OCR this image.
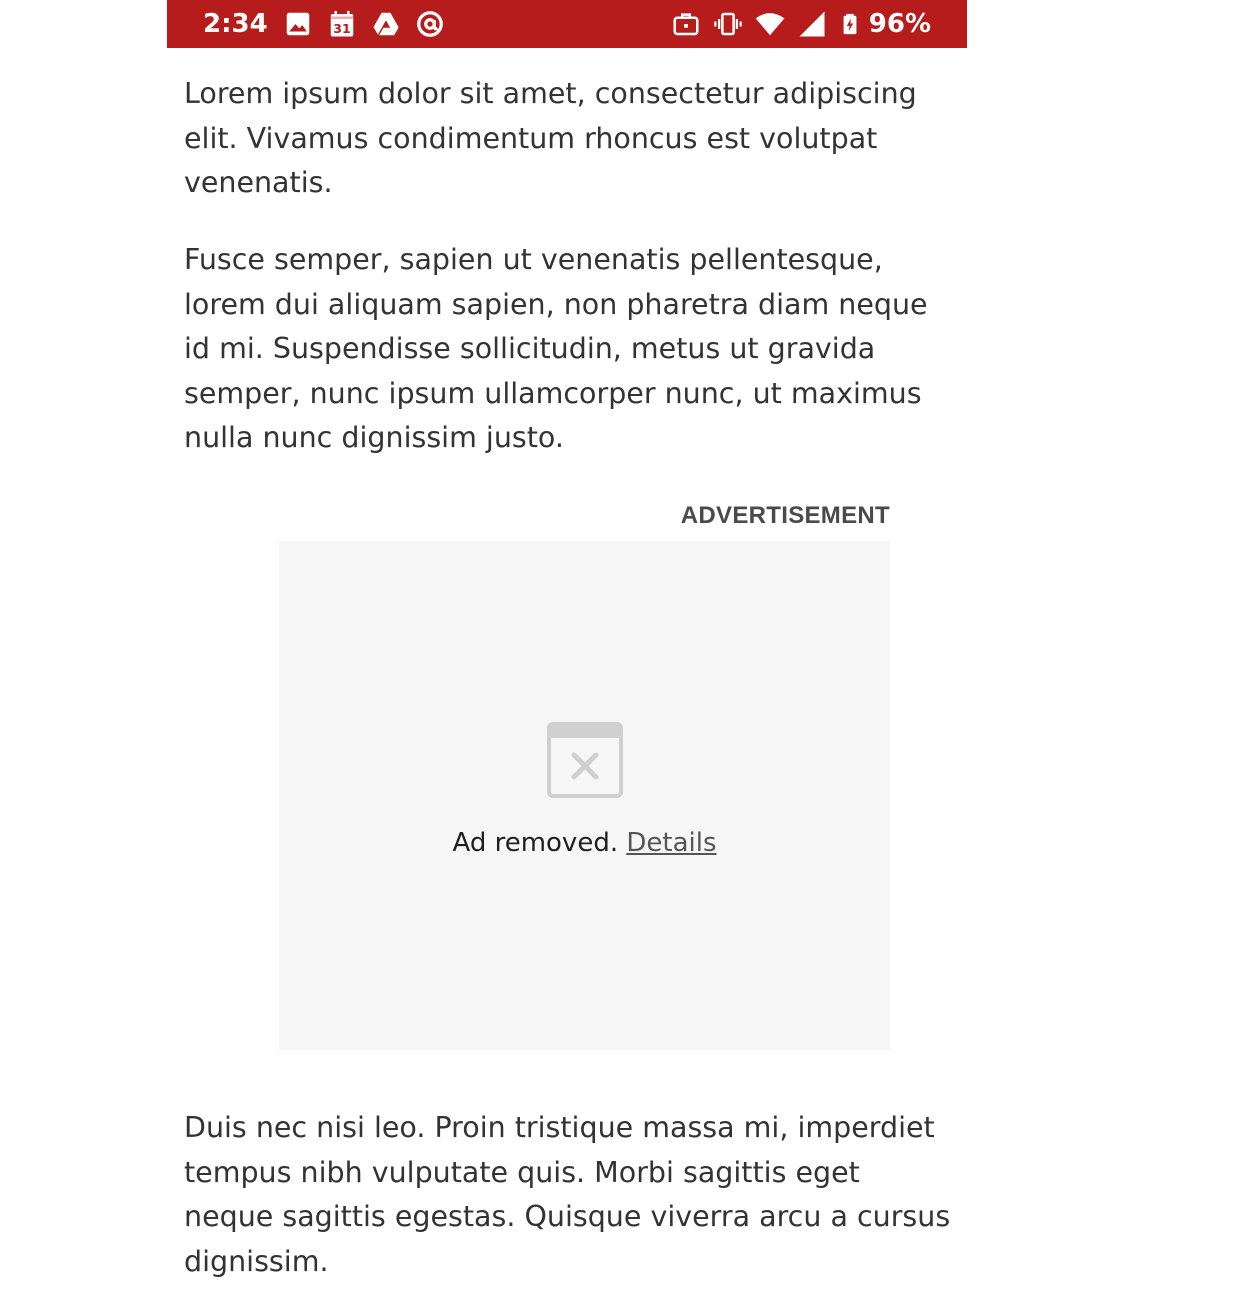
2:34	31	96%

Lorem ipsum dolor sit amet, consectetur adipiscing elit. Vivamus condimentum rhoncus est volutpat venenatis.

Fusce semper, sapien ut venenatis pellentesque, lorem dui aliquam sapien, non pharetra diam neque id mi. Suspendisse sollicitudin, metus ut gravida semper, nunc ipsum ullamcorper nunc, ut maximus nulla nunc dignissim justo.

ADVERTISEMENT
Ad removed. Details

Duis nec nisi leo. Proin tristique massa mi, imperdiet tempus nibh vulputate quis. Morbi sagittis eget neque sagittis egestas. Quisque viverra arcu a cursus dignissim.
